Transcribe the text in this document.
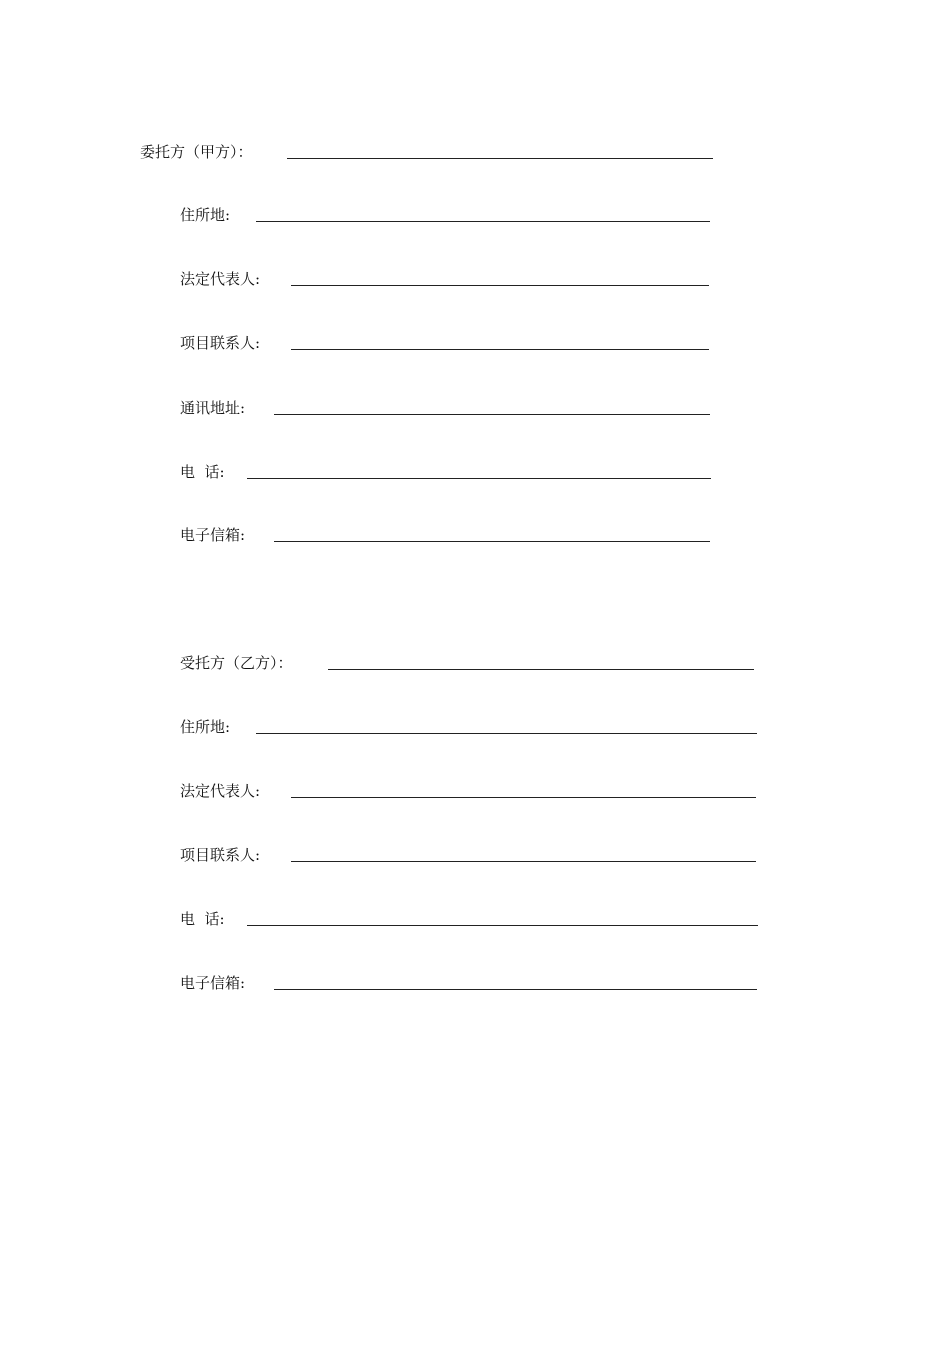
委托方（甲方）：
住所地:
法定代表人:
项目联系人:
通讯地址:
电  话:
电子信箱:
受托方（乙方）：
住所地:
法定代表人:
项目联系人:
电  话:
电子信箱:
